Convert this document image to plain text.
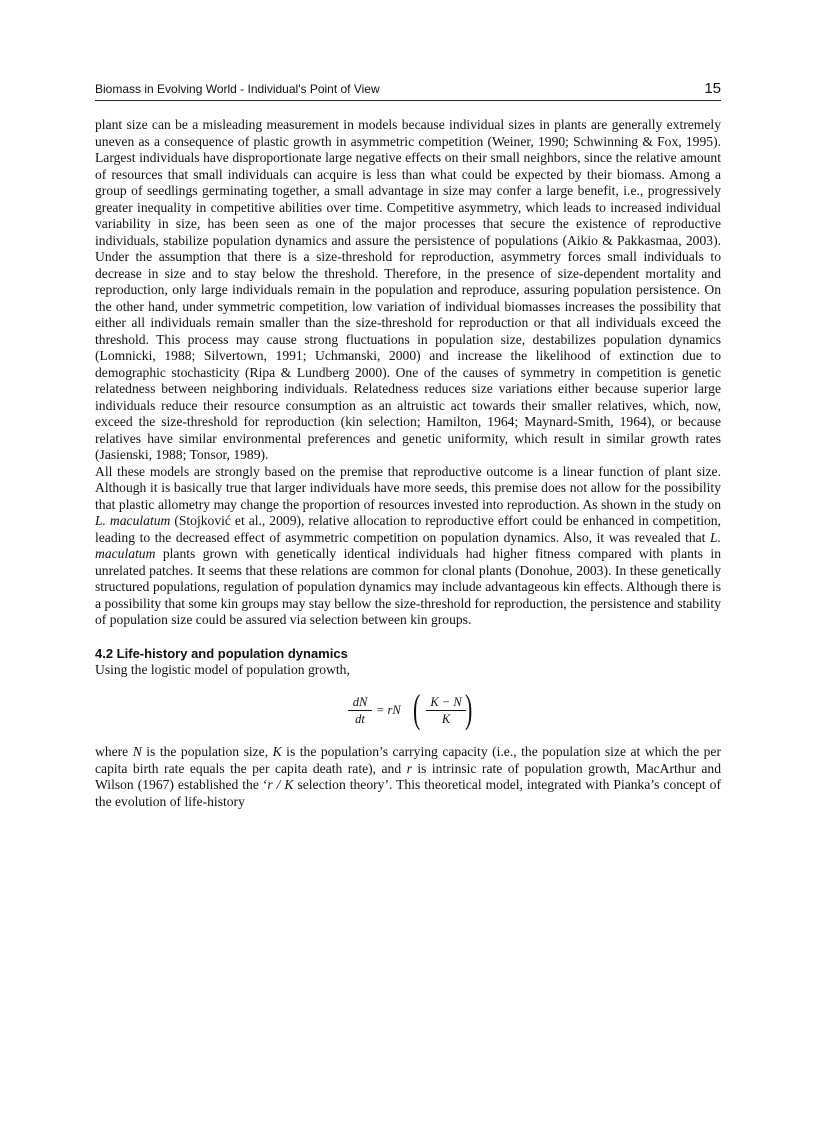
Biomass in Evolving World - Individual's Point of View	15

plant size can be a misleading measurement in models because individual sizes in plants are generally extremely uneven as a consequence of plastic growth in asymmetric competition (Weiner, 1990; Schwinning & Fox, 1995). Largest individuals have disproportionate large negative effects on their small neighbors, since the relative amount of resources that small individuals can acquire is less than what could be expected by their biomass. Among a group of seedlings germinating together, a small advantage in size may confer a large benefit, i.e., progressively greater inequality in competitive abilities over time. Competitive asymmetry, which leads to increased individual variability in size, has been seen as one of the major processes that secure the existence of reproductive individuals, stabilize population dynamics and assure the persistence of populations (Aikio & Pakkasmaa, 2003). Under the assumption that there is a size-threshold for reproduction, asymmetry forces small individuals to decrease in size and to stay below the threshold. Therefore, in the presence of size-dependent mortality and reproduction, only large individuals remain in the population and reproduce, assuring population persistence. On the other hand, under symmetric competition, low variation of individual biomasses increases the possibility that either all individuals remain smaller than the size-threshold for reproduction or that all individuals exceed the threshold. This process may cause strong fluctuations in population size, destabilizes population dynamics (Lomnicki, 1988; Silvertown, 1991; Uchmanski, 2000) and increase the likelihood of extinction due to demographic stochasticity (Ripa & Lundberg 2000). One of the causes of symmetry in competition is genetic relatedness between neighboring individuals. Relatedness reduces size variations either because superior large individuals reduce their resource consumption as an altruistic act towards their smaller relatives, which, now, exceed the size-threshold for reproduction (kin selection; Hamilton, 1964; Maynard-Smith, 1964), or because relatives have similar environmental preferences and genetic uniformity, which result in similar growth rates (Jasienski, 1988; Tonsor, 1989).

All these models are strongly based on the premise that reproductive outcome is a linear function of plant size. Although it is basically true that larger individuals have more seeds, this premise does not allow for the possibility that plastic allometry may change the proportion of resources invested into reproduction. As shown in the study on L. maculatum (Stojković et al., 2009), relative allocation to reproductive effort could be enhanced in competition, leading to the decreased effect of asymmetric competition on population dynamics. Also, it was revealed that L. maculatum plants grown with genetically identical individuals had higher fitness compared with plants in unrelated patches. It seems that these relations are common for clonal plants (Donohue, 2003). In these genetically structured populations, regulation of population dynamics may include advantageous kin effects. Although there is a possibility that some kin groups may stay bellow the size-threshold for reproduction, the persistence and stability of population size could be assured via selection between kin groups.

4.2 Life-history and population dynamics

Using the logistic model of population growth,

$\frac{dN}{dt}$ = rN ( $\frac{K - N}{K}$
)

where N is the population size, K is the population’s carrying capacity (i.e., the population size at which the per capita birth rate equals the per capita death rate), and r is intrinsic rate of population growth, MacArthur and Wilson (1967) established the ‘r / K selection theory’. This theoretical model, integrated with Pianka’s concept of the evolution of life-history
